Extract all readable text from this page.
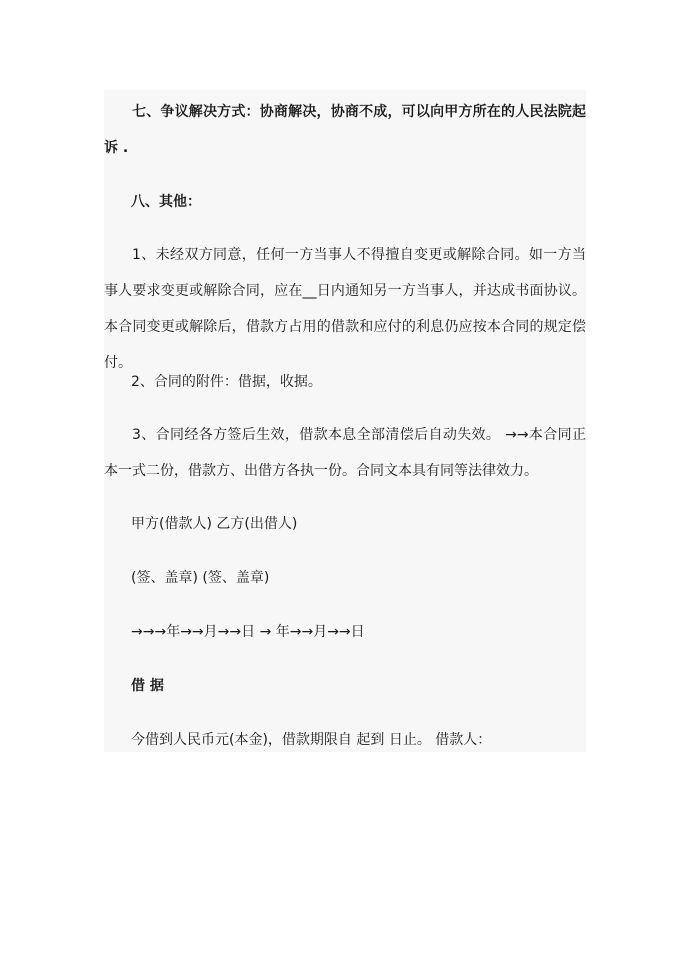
七、争议解决方式：协商解决，协商不成，可以向甲方所在的人民法院起诉 .

八、其他：

1、未经双方同意，任何一方当事人不得擅自变更或解除合同。如一方当事人要求变更或解除合同，应在__日内通知另一方当事人，并达成书面协议。本合同变更或解除后，借款方占用的借款和应付的利息仍应按本合同的规定偿付。

2、合同的附件：借据，收据。

3、合同经各方签后生效，借款本息全部清偿后自动失效。 →→本合同正本一式二份，借款方、出借方各执一份。合同文本具有同等法律效力。

甲方(借款人) 乙方(出借人)
(签、盖章) (签、盖章)
→→→年→→月→→日 → 年→→月→→日
借 据
今借到人民币元(本金)，借款期限自 起到 日止。 借款人：
